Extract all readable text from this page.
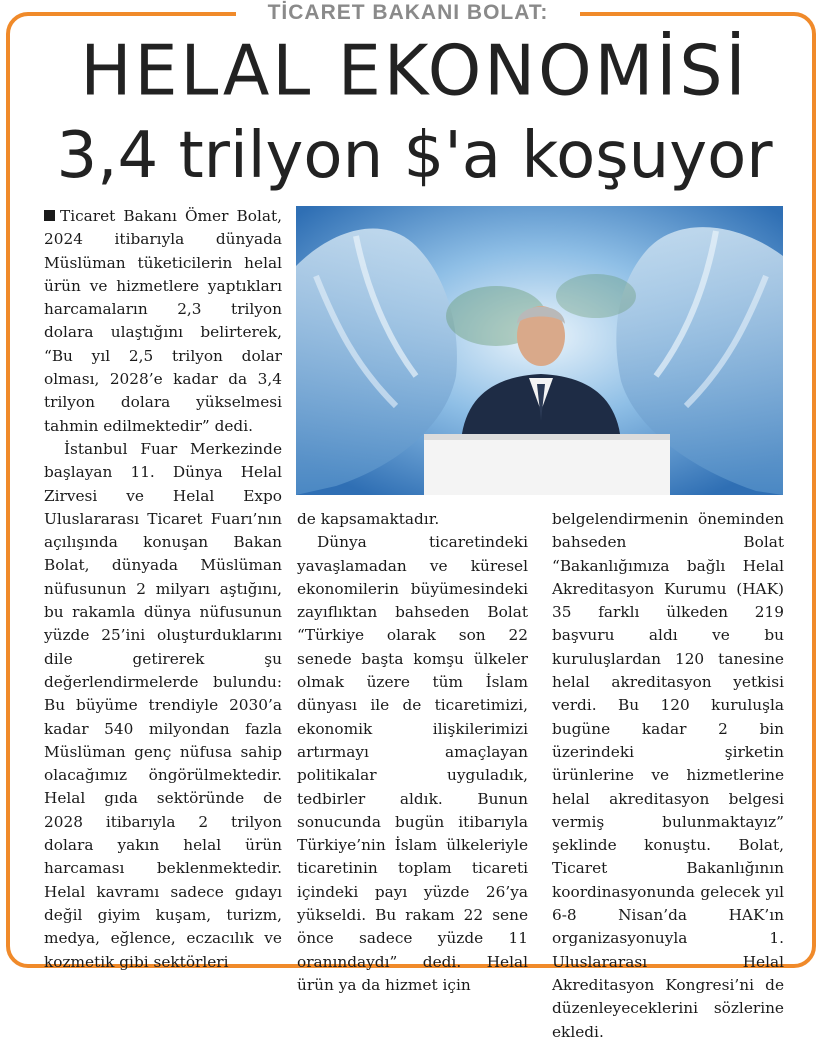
TİCARET BAKANI BOLAT:
HELAL EKONOMİSİ
3,4 trilyon $'a koşuyor

Ticaret Bakanı Ömer Bolat, 2024 itibarıyla dünyada Müslüman tüketicilerin helal ürün ve hizmetlere yaptıkları harcamaların 2,3 trilyon dolara ulaştığını belirterek, “Bu yıl 2,5 trilyon dolar olması, 2028’e kadar da 3,4 trilyon dolara yükselmesi tahmin edilmektedir” dedi.

İstanbul Fuar Merkezinde başlayan 11. Dünya Helal Zirvesi ve Helal Expo Uluslararası Ticaret Fuarı’nın açılışında konuşan Bakan Bolat, dünyada Müslüman nüfusunun 2 milyarı aştığını, bu rakamla dünya nüfusunun yüzde 25’ini oluşturduklarını dile getirerek şu değerlendirmelerde bulundu: Bu büyüme trendiyle 2030’a kadar 540 milyondan fazla Müslüman genç nüfusa sahip olacağımız öngörülmektedir. Helal gıda sektöründe de 2028 itibarıyla 2 trilyon dolara yakın helal ürün harcaması beklenmektedir. Helal kavramı sadece gıdayı değil giyim kuşam, turizm, medya, eğlence, eczacılık ve kozmetik gibi sektörleri

de kapsamaktadır.

Dünya ticaretindeki yavaşlamadan ve küresel ekonomilerin büyümesindeki zayıflıktan bahseden Bolat “Türkiye olarak son 22 senede başta komşu ülkeler olmak üzere tüm İslam dünyası ile de ticaretimizi, ekonomik ilişkilerimizi artırmayı amaçlayan politikalar uyguladık, tedbirler aldık. Bunun sonucunda bugün itibarıyla Türkiye’nin İslam ülkeleriyle ticaretinin toplam ticareti içindeki payı yüzde 26’ya yükseldi. Bu rakam 22 sene önce sadece yüzde 11 oranındaydı” dedi. Helal ürün ya da hizmet için

belgelendirmenin öneminden bahseden Bolat “Bakanlığımıza bağlı Helal Akreditasyon Kurumu (HAK) 35 farklı ülkeden 219 başvuru aldı ve bu kuruluşlardan 120 tanesine helal akreditasyon yetkisi verdi. Bu 120 kuruluşla bugüne kadar 2 bin üzerindeki şirketin ürünlerine ve hizmetlerine helal akreditasyon belgesi vermiş bulunmaktayız” şeklinde konuştu. Bolat, Ticaret Bakanlığının koordinasyonunda gelecek yıl 6-8 Nisan’da HAK’ın organizasyonuyla 1. Uluslararası Helal Akreditasyon Kongresi’ni de düzenleyeceklerini sözlerine ekledi.
